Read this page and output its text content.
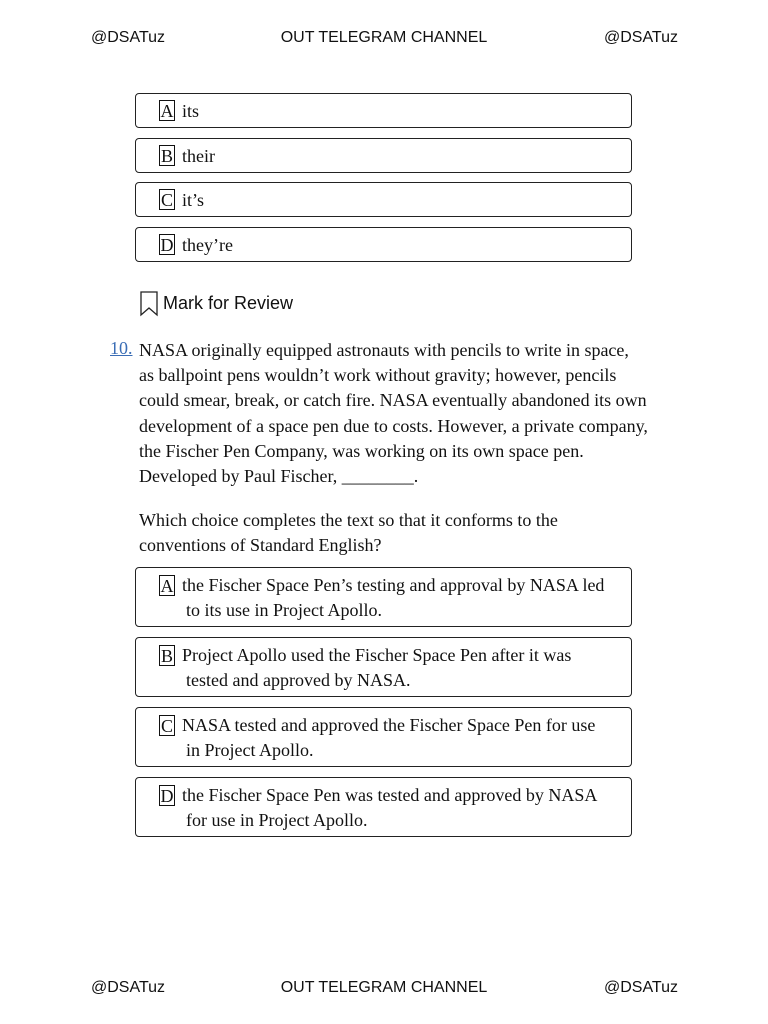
@DSATuz	OUT TELEGRAM CHANNEL	@DSATuz
A its
B their
C it’s
D they’re
Mark for Review
10. NASA originally equipped astronauts with pencils to write in space,
as ballpoint pens wouldn’t work without gravity; however, pencils
could smear, break, or catch fire. NASA eventually abandoned its own
development of a space pen due to costs. However, a private company,
the Fischer Pen Company, was working on its own space pen.
Developed by Paul Fischer, ________.
Which choice completes the text so that it conforms to the
conventions of Standard English?
A the Fischer Space Pen’s testing and approval by NASA led
to its use in Project Apollo.
B Project Apollo used the Fischer Space Pen after it was
tested and approved by NASA.
C NASA tested and approved the Fischer Space Pen for use
in Project Apollo.
D the Fischer Space Pen was tested and approved by NASA
for use in Project Apollo.
@DSATuz	OUT TELEGRAM CHANNEL	@DSATuz
